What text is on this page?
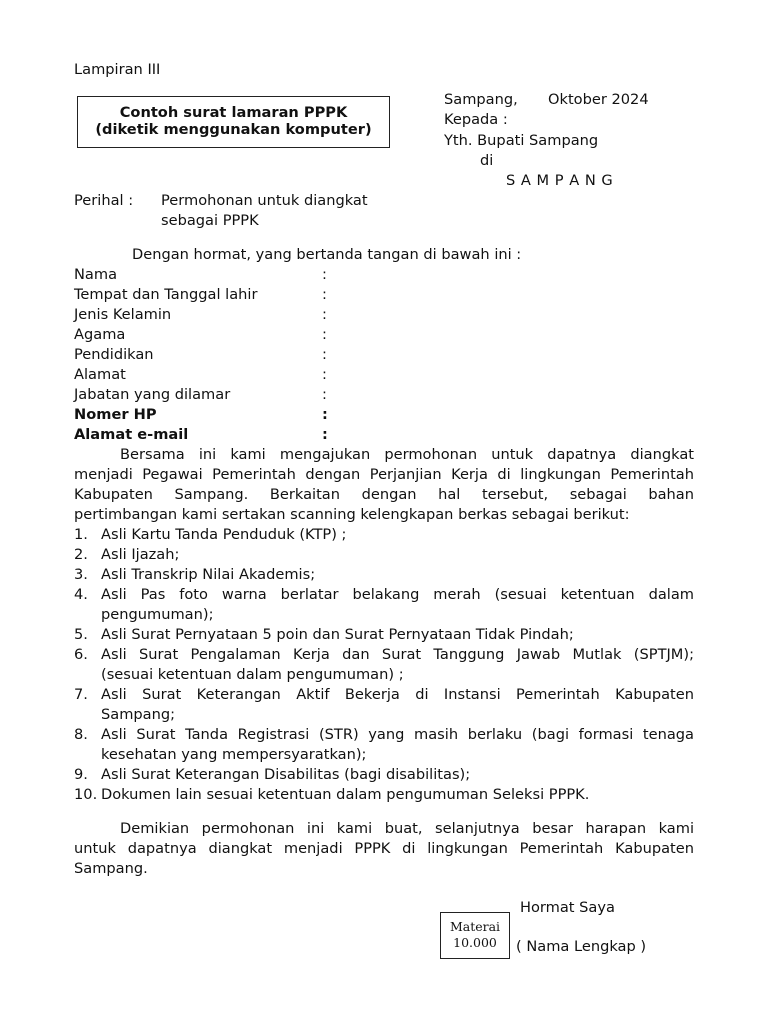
Lampiran III
Contoh surat lamaran PPPK
(diketik menggunakan komputer)
Sampang, Oktober 2024
Kepada :
Yth. Bupati Sampang
di
S A M P A N G
Perihal : Permohonan untuk diangkat
sebagai PPPK
Dengan hormat, yang bertanda tangan di bawah ini :
Nama	:
Tempat dan Tanggal lahir	:
Jenis Kelamin	:
Agama	:
Pendidikan	:
Alamat	:
Jabatan yang dilamar	:
Nomer HP	:
Alamat e-mail	:
Bersama ini kami mengajukan permohonan untuk dapatnya diangkat
menjadi Pegawai Pemerintah dengan Perjanjian Kerja di lingkungan Pemerintah
Kabupaten Sampang. Berkaitan dengan hal tersebut, sebagai bahan
pertimbangan kami sertakan scanning kelengkapan berkas sebagai berikut:
1. Asli Kartu Tanda Penduduk (KTP) ;
2. Asli Ijazah;
3. Asli Transkrip Nilai Akademis;
4. Asli Pas foto warna berlatar belakang merah (sesuai ketentuan dalam
pengumuman);
5. Asli Surat Pernyataan 5 poin dan Surat Pernyataan Tidak Pindah;
6. Asli Surat Pengalaman Kerja dan Surat Tanggung Jawab Mutlak (SPTJM);
(sesuai ketentuan dalam pengumuman) ;
7. Asli Surat Keterangan Aktif Bekerja di Instansi Pemerintah Kabupaten
Sampang;
8. Asli Surat Tanda Registrasi (STR) yang masih berlaku (bagi formasi tenaga
kesehatan yang mempersyaratkan);
9. Asli Surat Keterangan Disabilitas (bagi disabilitas);
10. Dokumen lain sesuai ketentuan dalam pengumuman Seleksi PPPK.
Demikian permohonan ini kami buat, selanjutnya besar harapan kami
untuk dapatnya diangkat menjadi PPPK di lingkungan Pemerintah Kabupaten
Sampang.
Hormat Saya
Materai
10.000	( Nama Lengkap )
